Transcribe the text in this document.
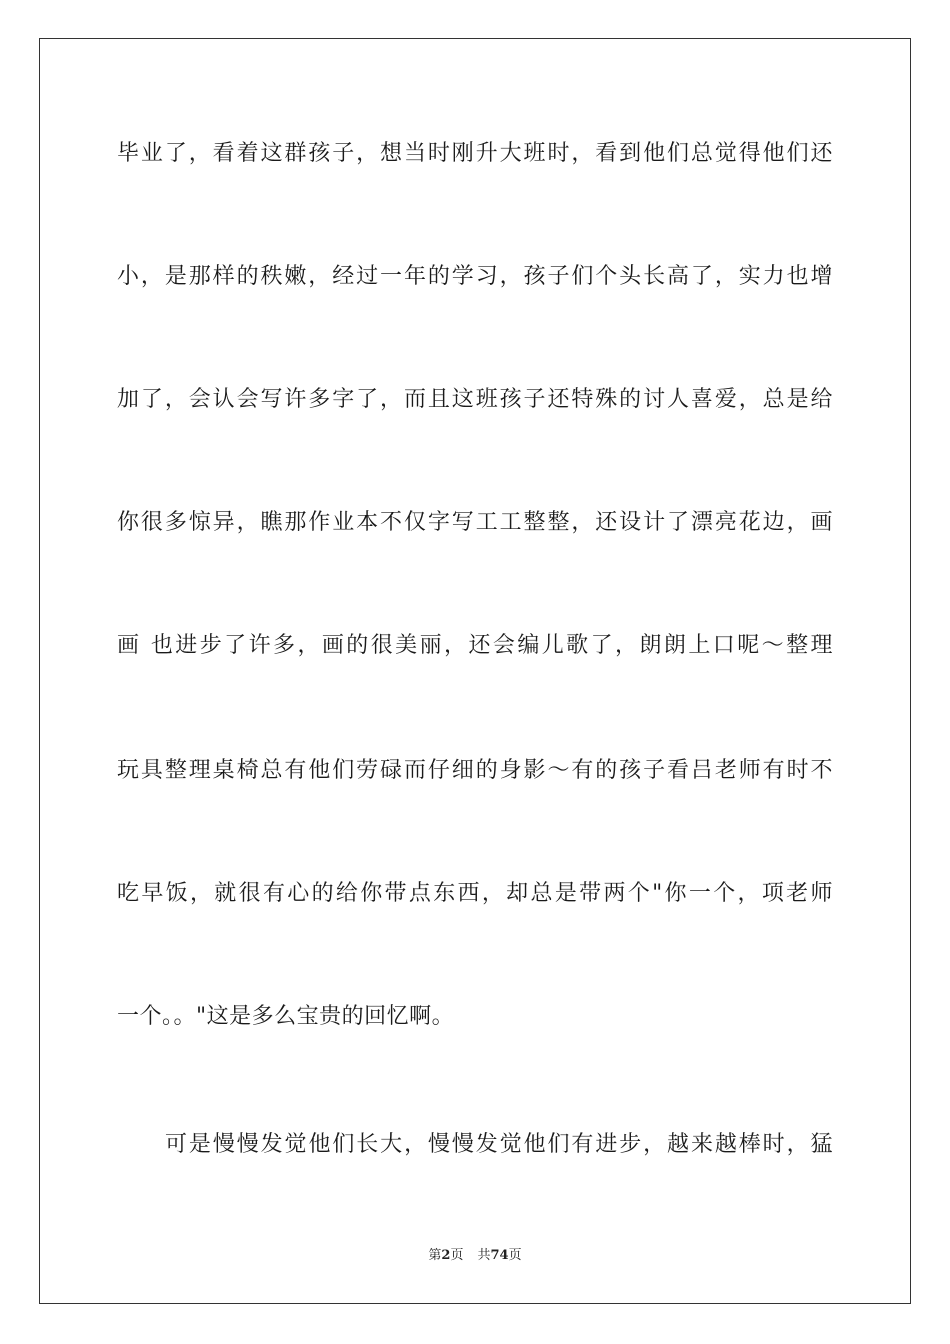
毕业了，看着这群孩子，想当时刚升大班时，看到他们总觉得他们还
小，是那样的秩嫩，经过一年的学习，孩子们个头长高了，实力也增
加了，会认会写许多字了，而且这班孩子还特殊的讨人喜爱，总是给
你很多惊异，瞧那作业本不仅字写工工整整，还设计了漂亮花边，画
画 也进步了许多，画的很美丽，还会编儿歌了，朗朗上口呢～整理
玩具整理桌椅总有他们劳碌而仔细的身影～有的孩子看吕老师有时不
吃早饭，就很有心的给你带点东西，却总是带两个"你一个，项老师
一个。。"这是多么宝贵的回忆啊。
可是慢慢发觉他们长大，慢慢发觉他们有进步，越来越棒时，猛
第2页 共74页
